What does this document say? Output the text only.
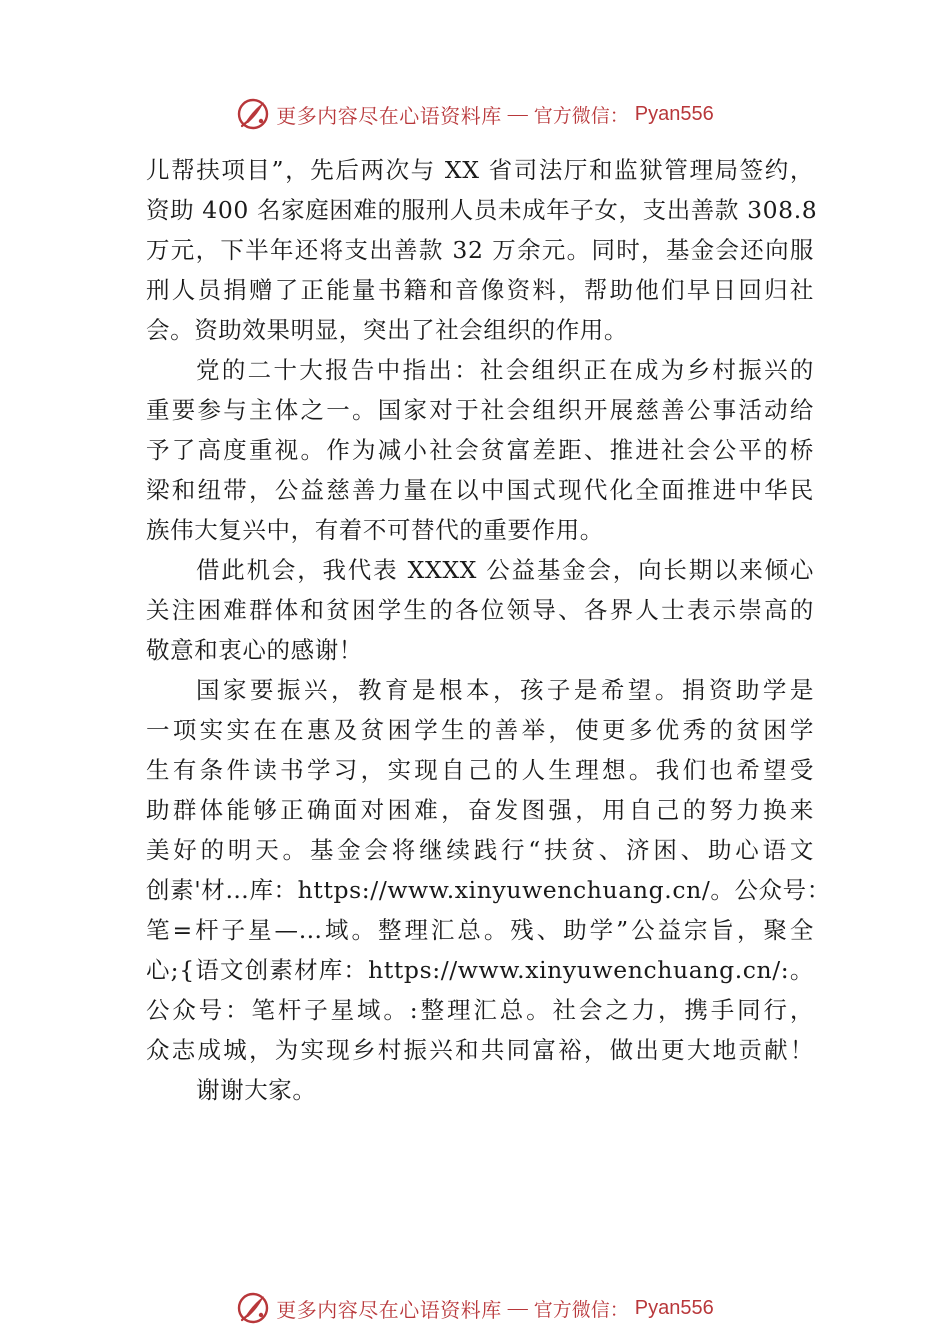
更多内容尽在心语资料库 — 官方微信： Pyan556
儿帮扶项目”，先后两次与 XX 省司法厅和监狱管理局签约，
资助 400 名家庭困难的服刑人员未成年子女，支出善款 308.8
万元，下半年还将支出善款 32 万余元。同时，基金会还向服
刑人员捐赠了正能量书籍和音像资料，帮助他们早日回归社
会。资助效果明显，突出了社会组织的作用。
党的二十大报告中指出：社会组织正在成为乡村振兴的
重要参与主体之一。国家对于社会组织开展慈善公事活动给
予了高度重视。作为减小社会贫富差距、推进社会公平的桥
梁和纽带，公益慈善力量在以中国式现代化全面推进中华民
族伟大复兴中，有着不可替代的重要作用。
借此机会，我代表 XXXX 公益基金会，向长期以来倾心
关注困难群体和贫困学生的各位领导、各界人士表示崇高的
敬意和衷心的感谢！
国家要振兴，教育是根本，孩子是希望。捐资助学是
一项实实在在惠及贫困学生的善举，使更多优秀的贫困学
生有条件读书学习，实现自己的人生理想。我们也希望受
助群体能够正确面对困难，奋发图强，用自己的努力换来
美好的明天。基金会将继续践行“扶贫、济困、助心语文
创素'材…库：https://www.xinyuwenchuang.cn/。公众号：
笔=杆子星—…域。整理汇总。残、助学”公益宗旨，聚全
心;{语文创素材库：https://www.xinyuwenchuang.cn/:。
公众号：笔杆子星域。:整理汇总。社会之力，携手同行，
众志成城，为实现乡村振兴和共同富裕，做出更大地贡献！
谢谢大家。
更多内容尽在心语资料库 — 官方微信： Pyan556
